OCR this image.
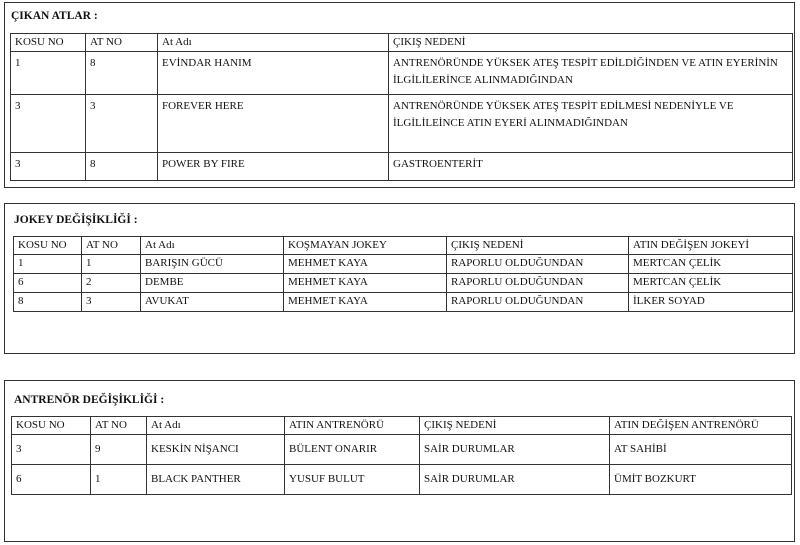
ÇIKAN ATLAR :
KOSU NO	AT NO	At Adı	ÇIKIŞ NEDENİ
1	8	EVİNDAR HANIM	ANTRENÖRÜNDE YÜKSEK ATEŞ TESPİT EDİLDİĞİNDEN VE ATIN EYERİNİN İLGİLİLERİNCE ALINMADIĞINDAN
3	3	FOREVER HERE	ANTRENÖRÜNDE YÜKSEK ATEŞ TESPİT EDİLMESİ NEDENİYLE VE İLGİLİLEİNCE ATIN EYERİ ALINMADIĞINDAN
3	8	POWER BY FIRE	GASTROENTERİT
JOKEY DEĞİŞİKLİĞİ :
KOSU NO	AT NO	At Adı	KOŞMAYAN JOKEY	ÇIKIŞ NEDENİ	ATIN DEĞİŞEN JOKEYİ
1	1	BARIŞIN GÜCÜ	MEHMET KAYA	RAPORLU OLDUĞUNDAN	MERTCAN ÇELİK
6	2	DEMBE	MEHMET KAYA	RAPORLU OLDUĞUNDAN	MERTCAN ÇELİK
8	3	AVUKAT	MEHMET KAYA	RAPORLU OLDUĞUNDAN	İLKER SOYAD
ANTRENÖR DEĞİŞİKLİĞİ :
KOSU NO	AT NO	At Adı	ATIN ANTRENÖRÜ	ÇIKIŞ NEDENİ	ATIN DEĞİŞEN ANTRENÖRÜ
3	9	KESKİN NİŞANCI	BÜLENT ONARIR	SAİR DURUMLAR	AT SAHİBİ
6	1	BLACK PANTHER	YUSUF BULUT	SAİR DURUMLAR	ÜMİT BOZKURT
